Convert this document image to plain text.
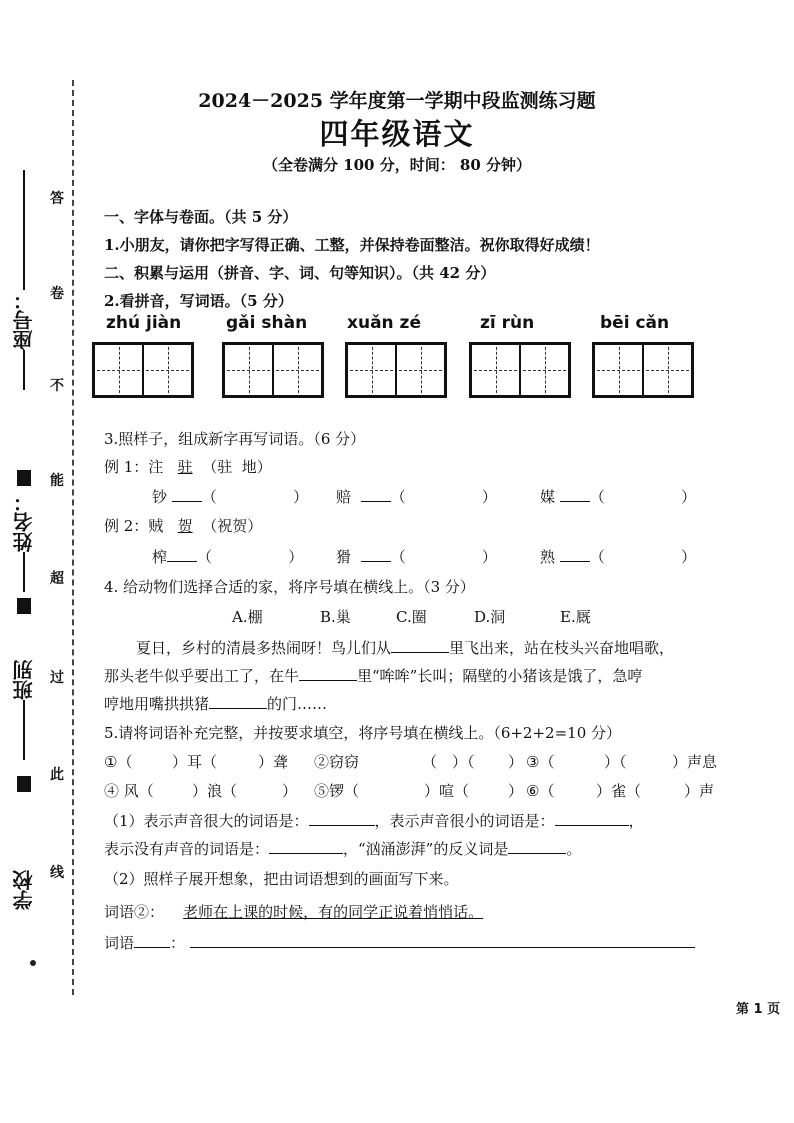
答
卷
不
能
超
过
此
线
座号：
姓名：
班别
学校
2024－2025 学年度第一学期中段监测练习题
四年级语文
（全卷满分 100 分，时间： 80 分钟）
一、字体与卷面。（共 5 分）
1.小朋友，请你把字写得正确、工整，并保持卷面整洁。祝你取得好成绩！
二、积累与运用（拼音、字、词、句等知识）。（共 42 分）
2.看拼音，写词语。（5 分）
zhú jiàn	gǎi shàn xuǎn zé	zī rùn	bēi cǎn
3.照样子，组成新字再写词语。（6 分）
例 1：注 驻 （驻  地）
钞 （                ） 赔	（                ）	媒 （                ）
例 2：贼 贺 （祝贺）
榨 （                ） 猾	（                ）	熟 （                ）
4. 给动物们选择合适的家，将序号填在横线上。（3 分）
A.棚	B.巢	C.圈	D.洞	E.厩
夏日，乡村的清晨多热闹呀！鸟儿们从	里飞出来，站在枝头兴奋地唱歌，
那头老牛似乎要出工了，在牛	里“哞哞”长叫；隔壁的小猪该是饿了，急哼
哼地用嘴拱拱猪	的门……
5.请将词语补充完整，并按要求填空，将序号填在横线上。（6+2+2=10 分）
①（	）耳（	）聋 ②窃窃	（ ）（ ） ③（	）（	）声息
④ 风（	）浪（	） ⑤锣（	）喧（	） ⑥（	）雀（	）声
（1）表示声音很大的词语是：	，表示声音很小的词语是：	，
表示没有声音的词语是：	，“汹涌澎湃”的反义词是	。
（2）照样子展开想象，把由词语想到的画面写下来。
词语②： 老师在上课的时候，有的同学正说着悄悄话。
词语 ：
第 1 页
